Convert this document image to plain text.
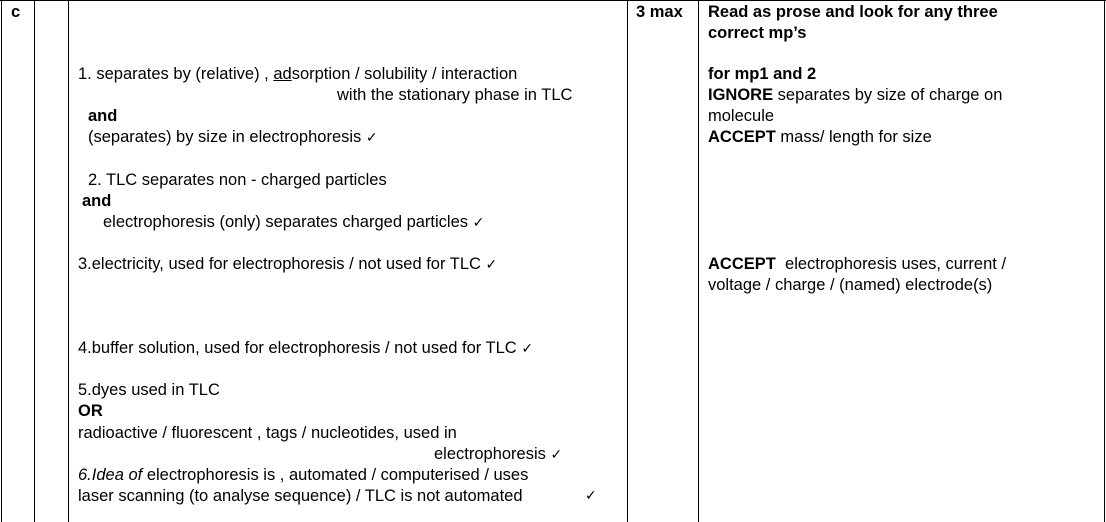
c	3 max
1. separates by (relative) , adsorption / solubility / interaction
with the stationary phase in TLC
and
(separates) by size in electrophoresis ✓
2. TLC separates non - charged particles
and
electrophoresis (only) separates charged particles ✓
3.electricity, used for electrophoresis / not used for TLC ✓
4.buffer solution, used for electrophoresis / not used for TLC ✓
5.dyes used in TLC
OR
radioactive / fluorescent , tags / nucleotides, used in
electrophoresis ✓
6.Idea of electrophoresis is , automated / computerised / uses
laser scanning (to analyse sequence) / TLC is not automated	✓
Read as prose and look for any three
correct mp’s
for mp1 and 2
IGNORE separates by size of charge on
molecule
ACCEPT mass/ length for size
ACCEPT  electrophoresis uses, current /
voltage / charge / (named) electrode(s)
